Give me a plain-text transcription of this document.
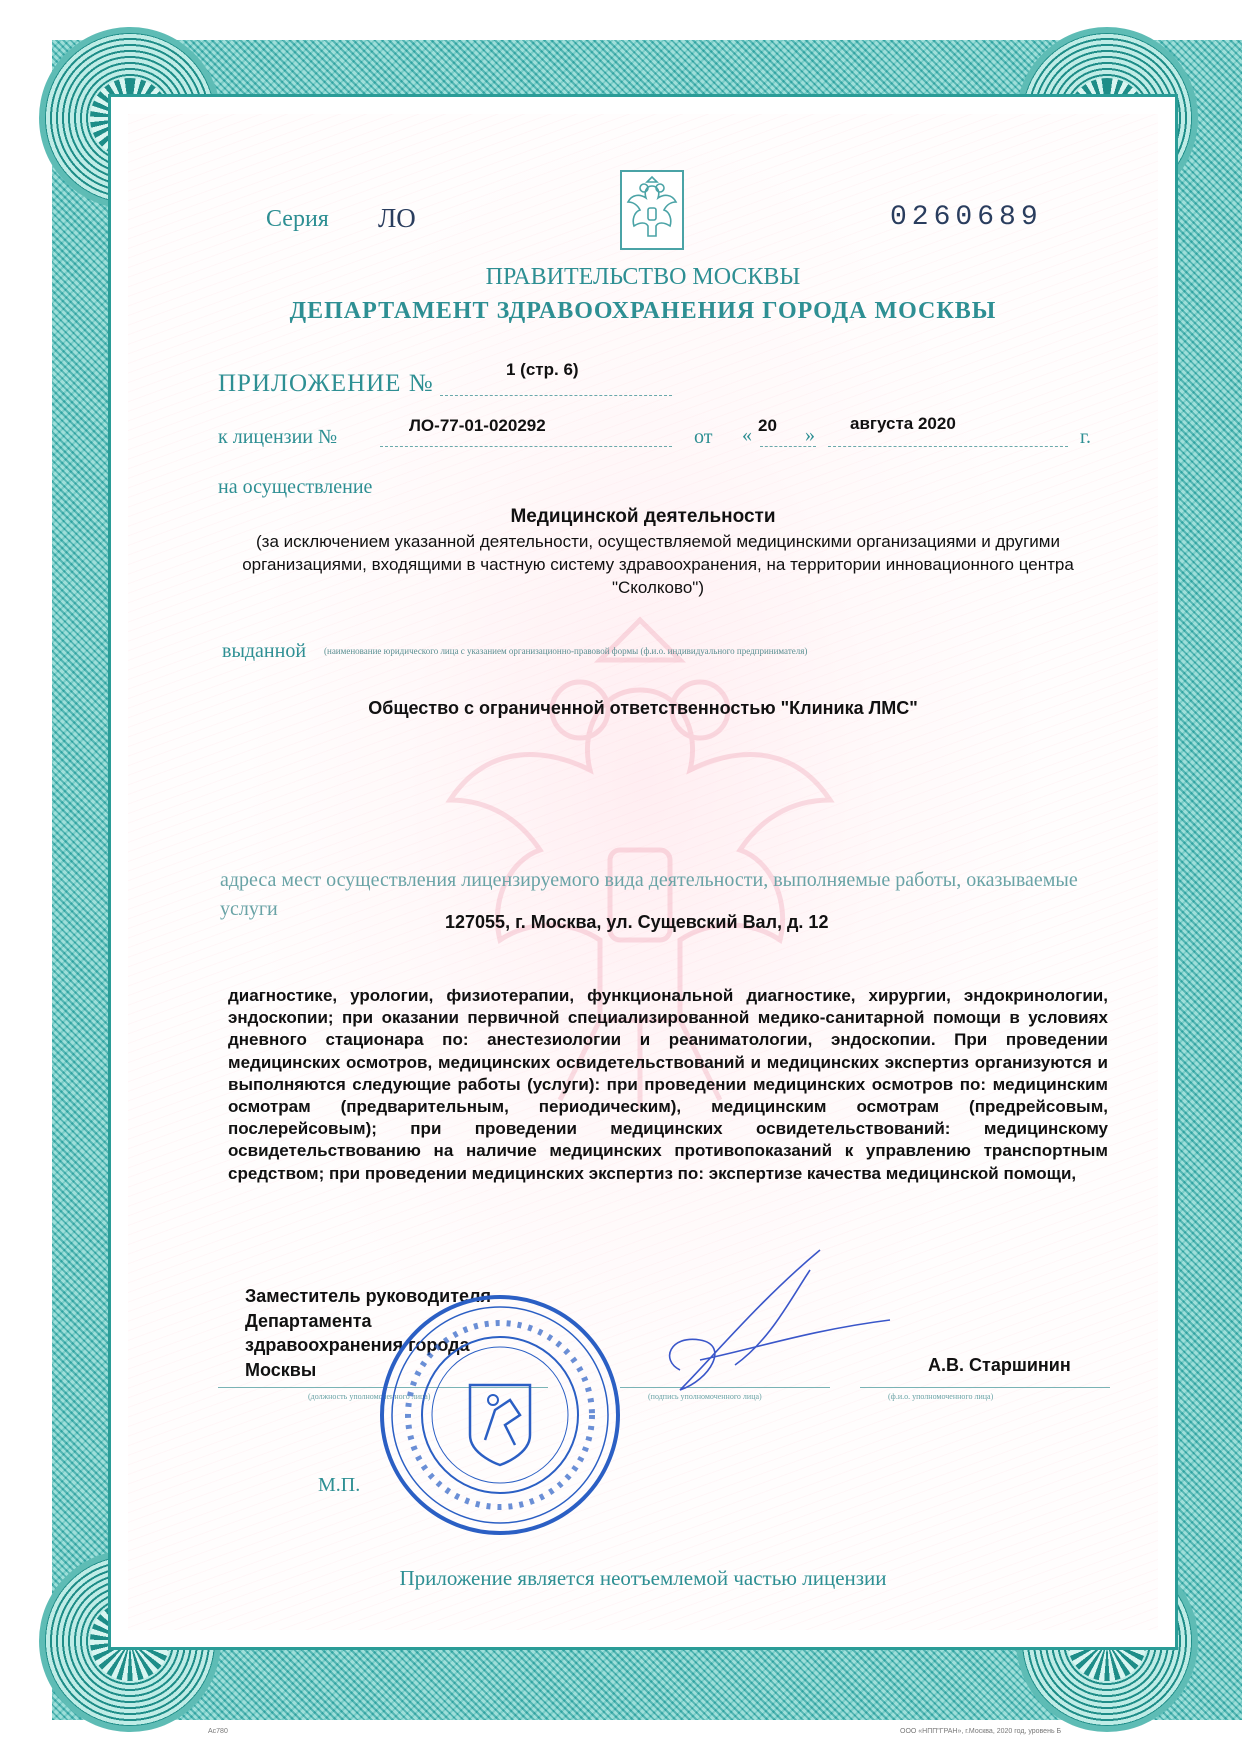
Серия ЛО	0260689
ПРАВИТЕЛЬСТВО МОСКВЫ
ДЕПАРТАМЕНТ ЗДРАВООХРАНЕНИЯ ГОРОДА МОСКВЫ
ПРИЛОЖЕНИЕ №
1 (стр. 6)
к лицензии №
ЛО-77-01-020292
от « 20 »
августа 2020
г.
на осуществление
Медицинской деятельности
(за исключением указанной деятельности, осуществляемой медицинскими организациями и другими организациями, входящими в частную систему здравоохранения, на территории инновационного центра "Сколково")
выданной (наименование юридического лица с указанием организационно-правовой формы (ф.и.о. индивидуального предпринимателя)
Общество с ограниченной ответственностью "Клиника ЛМС"
адреса мест осуществления лицензируемого вида деятельности, выполняемые работы, оказываемые услуги
127055, г. Москва, ул. Сущевский Вал, д. 12
диагностике, урологии, физиотерапии, функциональной диагностике, хирургии, эндокринологии, эндоскопии; при оказании первичной специализированной медико-санитарной помощи в условиях дневного стационара по: анестезиологии и реаниматологии, эндоскопии. При проведении медицинских осмотров, медицинских освидетельствований и медицинских экспертиз организуются и выполняются следующие работы (услуги): при проведении медицинских осмотров по: медицинским осмотрам (предварительным, периодическим), медицинским осмотрам (предрейсовым, послерейсовым); при проведении медицинских освидетельствований: медицинскому освидетельствованию на наличие медицинских противопоказаний к управлению транспортным средством; при проведении медицинских экспертиз по: экспертизе качества медицинской помощи,
Заместитель руководителя
Департамента
здравоохранения города
Москвы	А.В. Старшинин
(должность уполномоченного лица)	(подпись уполномоченного лица)	(ф.и.о. уполномоченного лица)
М.П.
Приложение является неотъемлемой частью лицензии
Ас780	ООО «НПП"ГРАН», г.Москва, 2020 год, уровень Б
